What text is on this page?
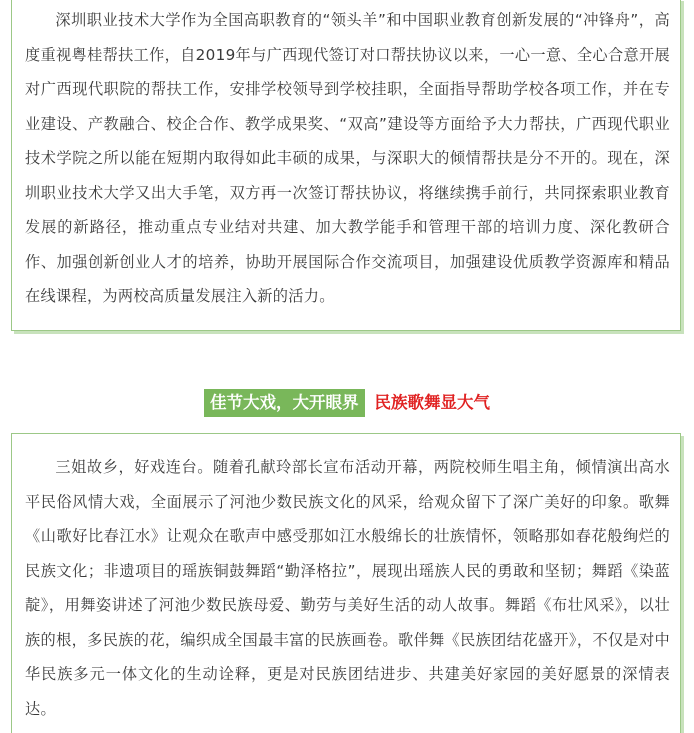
深圳职业技术大学作为全国高职教育的“领头羊”和中国职业教育创新发展的“冲锋舟”，高度重视粤桂帮扶工作，自2019年与广西现代签订对口帮扶协议以来，一心一意、全心合意开展对广西现代职院的帮扶工作，安排学校领导到学校挂职，全面指导帮助学校各项工作，并在专业建设、产教融合、校企合作、教学成果奖、“双高”建设等方面给予大力帮扶，广西现代职业技术学院之所以能在短期内取得如此丰硕的成果，与深职大的倾情帮扶是分不开的。现在，深圳职业技术大学又出大手笔，双方再一次签订帮扶协议，将继续携手前行，共同探索职业教育发展的新路径，推动重点专业结对共建、加大教学能手和管理干部的培训力度、深化教研合作、加强创新创业人才的培养，协助开展国际合作交流项目，加强建设优质教学资源库和精品在线课程，为两校高质量发展注入新的活力。

佳节大戏，大开眼界 民族歌舞显大气

三姐故乡，好戏连台。随着孔献玲部长宣布活动开幕，两院校师生唱主角，倾情演出高水平民俗风情大戏，全面展示了河池少数民族文化的风采，给观众留下了深广美好的印象。歌舞《山歌好比春江水》让观众在歌声中感受那如江水般绵长的壮族情怀，领略那如春花般绚烂的民族文化；非遗项目的瑶族铜鼓舞蹈“勤泽格拉”，展现出瑶族人民的勇敢和坚韧；舞蹈《染蓝靛》，用舞姿讲述了河池少数民族母爱、勤劳与美好生活的动人故事。舞蹈《布壮风采》，以壮族的根，多民族的花，编织成全国最丰富的民族画卷。歌伴舞《民族团结花盛开》，不仅是对中华民族多元一体文化的生动诠释，更是对民族团结进步、共建美好家园的美好愿景的深情表达。
